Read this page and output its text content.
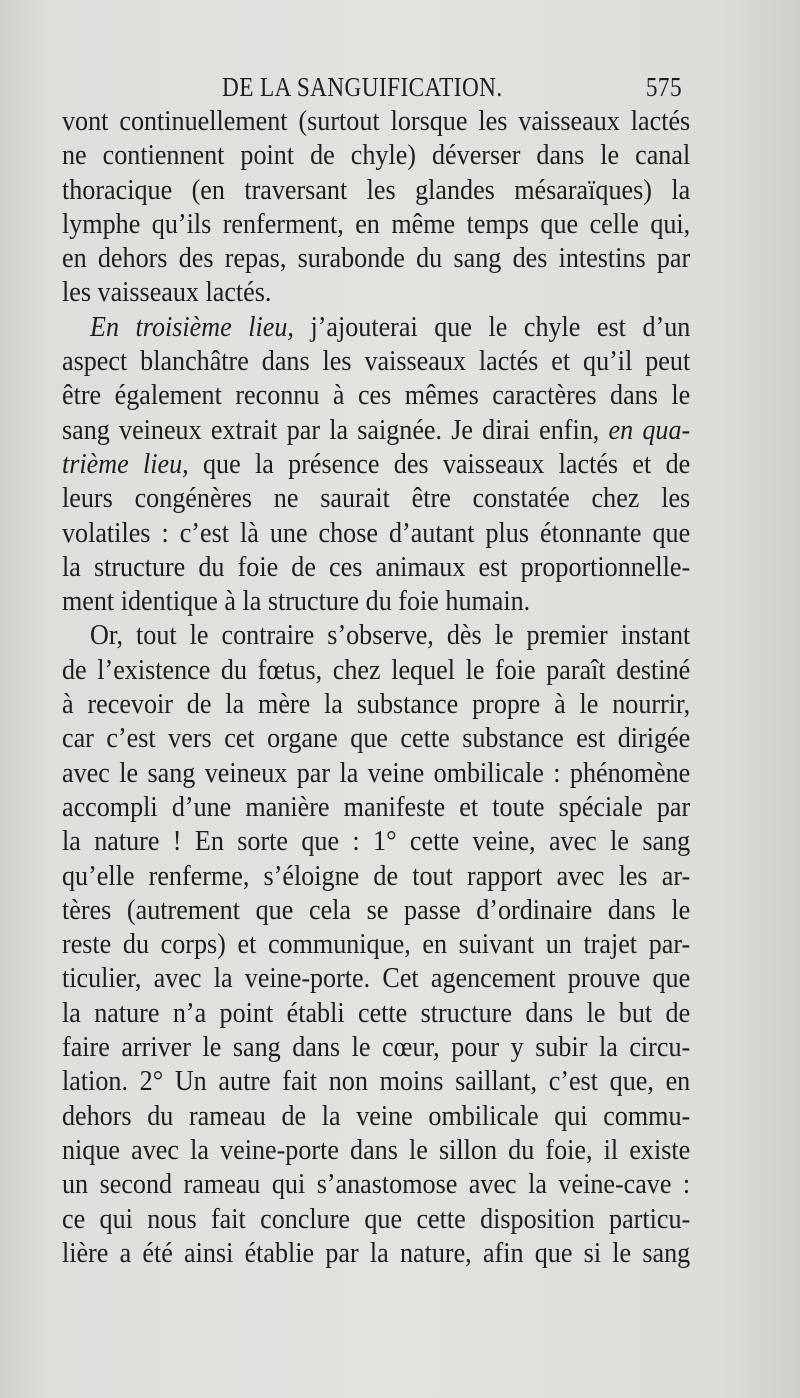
DE LA SANGUIFICATION.	575
vont continuellement (surtout lorsque les vaisseaux lactés
ne contiennent point de chyle) déverser dans le canal
thoracique (en traversant les glandes mésaraïques) la
lymphe qu’ils renferment, en même temps que celle qui,
en dehors des repas, surabonde du sang des intestins par
les vaisseaux lactés.
En troisième lieu, j’ajouterai que le chyle est d’un
aspect blanchâtre dans les vaisseaux lactés et qu’il peut
être également reconnu à ces mêmes caractères dans le
sang veineux extrait par la saignée. Je dirai enfin, en qua-
trième lieu, que la présence des vaisseaux lactés et de
leurs congénères ne saurait être constatée chez les
volatiles : c’est là une chose d’autant plus étonnante que
la structure du foie de ces animaux est proportionnelle-
ment identique à la structure du foie humain.
Or, tout le contraire s’observe, dès le premier instant
de l’existence du fœtus, chez lequel le foie paraît destiné
à recevoir de la mère la substance propre à le nourrir,
car c’est vers cet organe que cette substance est dirigée
avec le sang veineux par la veine ombilicale : phénomène
accompli d’une manière manifeste et toute spéciale par
la nature ! En sorte que : 1° cette veine, avec le sang
qu’elle renferme, s’éloigne de tout rapport avec les ar-
tères (autrement que cela se passe d’ordinaire dans le
reste du corps) et communique, en suivant un trajet par-
ticulier, avec la veine-porte. Cet agencement prouve que
la nature n’a point établi cette structure dans le but de
faire arriver le sang dans le cœur, pour y subir la circu-
lation. 2° Un autre fait non moins saillant, c’est que, en
dehors du rameau de la veine ombilicale qui commu-
nique avec la veine-porte dans le sillon du foie, il existe
un second rameau qui s’anastomose avec la veine-cave :
ce qui nous fait conclure que cette disposition particu-
lière a été ainsi établie par la nature, afin que si le sang
